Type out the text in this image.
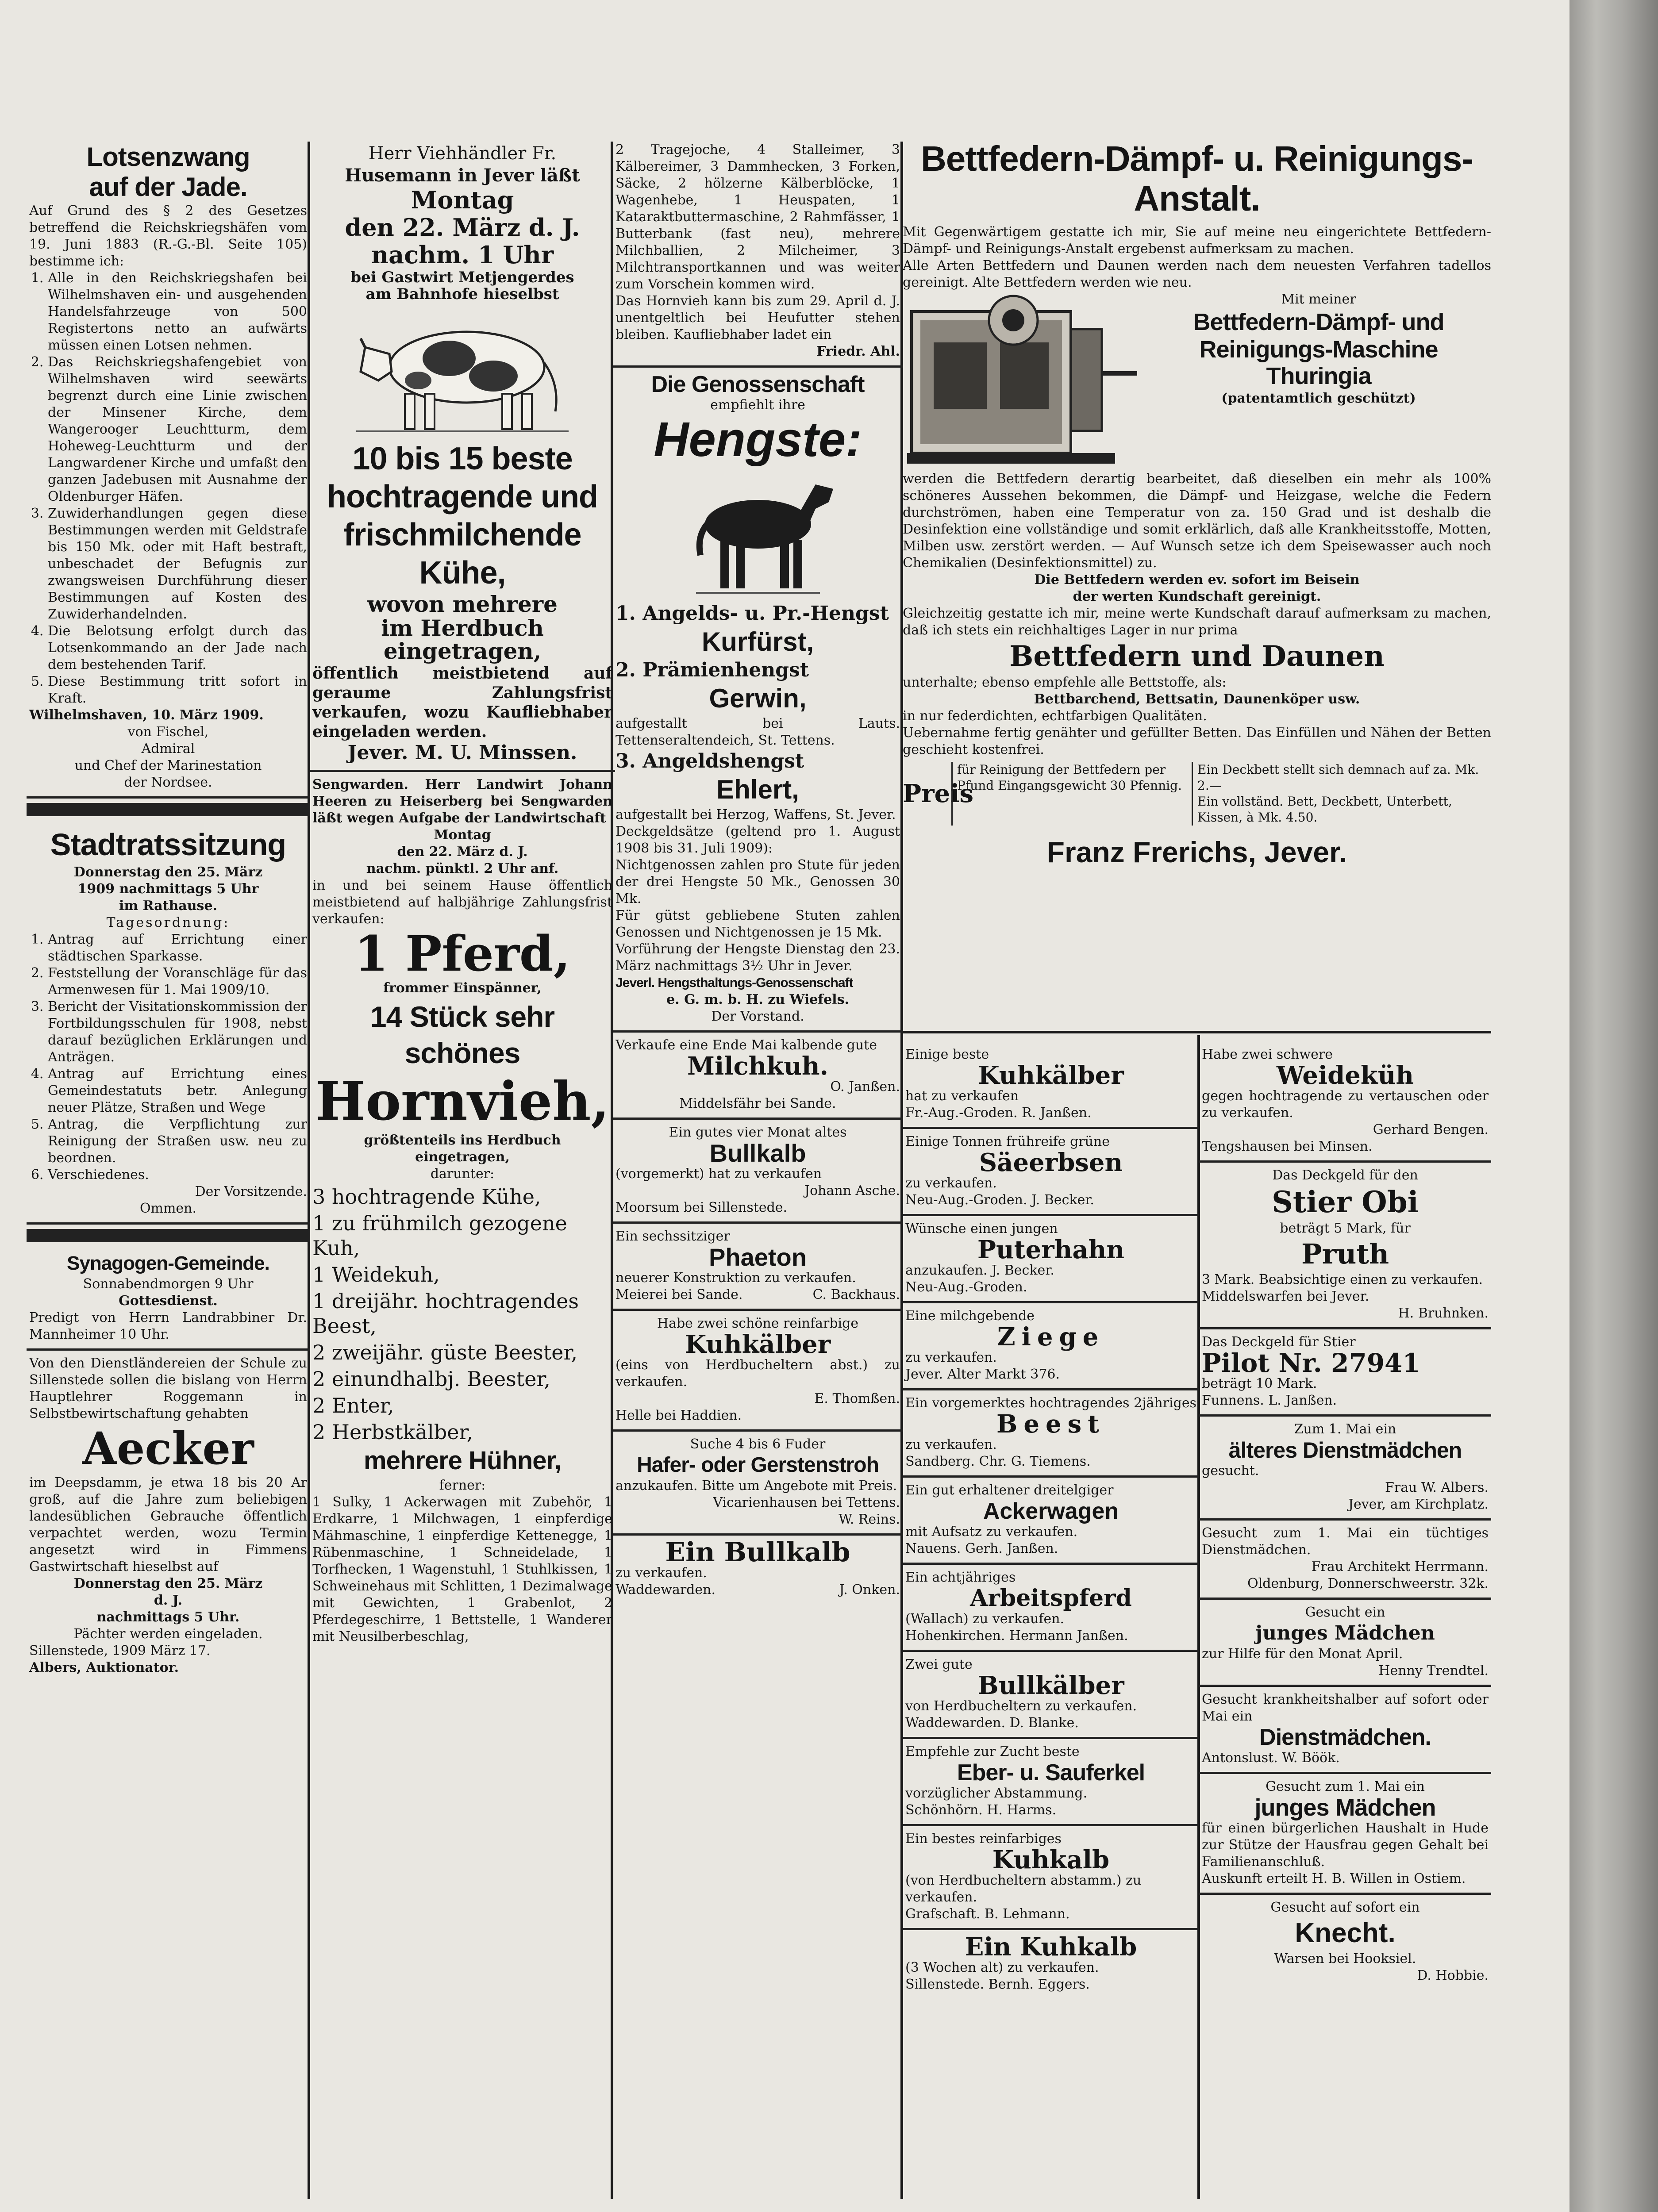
Lotsenzwang

auf der Jade.

Auf Grund des § 2 des Gesetzes betreffend die Reichskriegshäfen vom 19. Juni 1883 (R.-G.-Bl. Seite 105) bestimme ich:

1. Alle in den Reichskriegshafen bei Wilhelmshaven ein- und ausgehenden Handelsfahrzeuge von 500 Registertons netto an aufwärts müssen einen Lotsen nehmen.
2. Das Reichskriegshafengebiet von Wilhelmshaven wird seewärts begrenzt durch eine Linie zwischen der Minsener Kirche, dem Wangerooger Leuchtturm, dem Hoheweg-Leuchtturm und der Langwardener Kirche und umfaßt den ganzen Jadebusen mit Ausnahme der Oldenburger Häfen.
3. Zuwiderhandlungen gegen diese Bestimmungen werden mit Geldstrafe bis 150 Mk. oder mit Haft bestraft, unbeschadet der Befugnis zur zwangsweisen Durchführung dieser Bestimmungen auf Kosten des Zuwiderhandelnden.
4. Die Belotsung erfolgt durch das Lotsenkommando an der Jade nach dem bestehenden Tarif.
5. Diese Bestimmung tritt sofort in Kraft.

Wilhelmshaven, 10. März 1909.

von Fischel,

Admiral

und Chef der Marinestation

der Nordsee.

Stadtratssitzung

Donnerstag den 25. März

1909 nachmittags 5 Uhr

im Rathause.

Tagesordnung:

1. Antrag auf Errichtung einer städtischen Sparkasse.
2. Feststellung der Voranschläge für das Armenwesen für 1. Mai 1909/10.
3. Bericht der Visitationskommission der Fortbildungsschulen für 1908, nebst darauf bezüglichen Erklärungen und Anträgen.
4. Antrag auf Errichtung eines Gemeindestatuts betr. Anlegung neuer Plätze, Straßen und Wege
5. Antrag, die Verpflichtung zur Reinigung der Straßen usw. neu zu beordnen.
6. Verschiedenes.

Der Vorsitzende.

Ommen.

Synagogen-Gemeinde.

Sonnabendmorgen 9 Uhr

Gottesdienst.

Predigt von Herrn Landrabbiner Dr. Mannheimer 10 Uhr.

Von den Dienstländereien der Schule zu Sillenstede sollen die bislang von Herrn Hauptlehrer Roggemann in Selbstbewirtschaftung gehabten

Aecker

im Deepsdamm, je etwa 18 bis 20 Ar groß, auf die Jahre zum beliebigen landesüblichen Gebrauche öffentlich verpachtet werden, wozu Termin angesetzt wird in Fimmens Gastwirtschaft hieselbst auf

Donnerstag den 25. März

d. J.

nachmittags 5 Uhr.

Pächter werden eingeladen.

Sillenstede, 1909 März 17.

Albers, Auktionator.

Herr Viehhändler Fr.

Husemann in Jever läßt

Montag

den 22. März d. J.

nachm. 1 Uhr

bei Gastwirt Metjengerdes

am Bahnhofe hieselbst

10 bis 15 beste

hochtragende und

frischmilchende

Kühe,

wovon mehrere

im Herdbuch eingetragen,

öffentlich meistbietend auf geraume Zahlungsfrist verkaufen, wozu Kaufliebhaber eingeladen werden.

Jever. M. U. Minssen.

Sengwarden. Herr Landwirt Johann Heeren zu Heiserberg bei Sengwarden läßt wegen Aufgabe der Landwirtschaft

Montag

den 22. März d. J.

nachm. pünktl. 2 Uhr anf.

in und bei seinem Hause öffentlich meistbietend auf halbjährige Zahlungsfrist verkaufen:

1 Pferd,

frommer Einspänner,

14 Stück sehr schönes

Hornvieh,

größtenteils ins Herdbuch

eingetragen,

darunter:

3 hochtragende Kühe,

1 zu frühmilch gezogene Kuh,

1 Weidekuh,

1 dreijähr. hochtragendes Beest,

2 zweijähr. güste Beester,

2 einundhalbj. Beester,

2 Enter,

2 Herbstkälber,

mehrere Hühner,

ferner:

1 Sulky, 1 Ackerwagen mit Zubehör, 1 Erdkarre, 1 Milchwagen, 1 einpferdige Mähmaschine, 1 einpferdige Kettenegge, 1 Rübenmaschine, 1 Schneidelade, 1 Torfhecken, 1 Wagenstuhl, 1 Stuhlkissen, 1 Schweinehaus mit Schlitten, 1 Dezimalwage mit Gewichten, 1 Grabenlot, 2 Pferdegeschirre, 1 Bettstelle, 1 Wanderer mit Neusilberbeschlag,

2 Tragejoche, 4 Stalleimer, 3 Kälbereimer, 3 Dammhecken, 3 Forken, Säcke, 2 hölzerne Kälberblöcke, 1 Wagenhebe, 1 Heuspaten, 1 Kataraktbuttermaschine, 2 Rahmfässer, 1 Butterbank (fast neu), mehrere Milchballien, 2 Milcheimer, 3 Milchtransportkannen und was weiter zum Vorschein kommen wird.

Das Hornvieh kann bis zum 29. April d. J. unentgeltlich bei Heufutter stehen bleiben. Kaufliebhaber ladet ein

Friedr. Ahl.

Die Genossenschaft

empfiehlt ihre

Hengste:

1. Angelds- u. Pr.-Hengst

Kurfürst,

2. Prämienhengst

Gerwin,

aufgestallt bei Lauts. Tettenseraltendeich, St. Tettens.

3. Angeldshengst

Ehlert,

aufgestallt bei Herzog, Waffens, St. Jever.

Deckgeldsätze (geltend pro 1. August 1908 bis 31. Juli 1909):

Nichtgenossen zahlen pro Stute für jeden der drei Hengste 50 Mk., Genossen 30 Mk.

Für gütst gebliebene Stuten zahlen Genossen und Nichtgenossen je 15 Mk.

Vorführung der Hengste Dienstag den 23. März nachmittags 3½ Uhr in Jever.

Jeverl. Hengsthaltungs-Genossenschaft

e. G. m. b. H. zu Wiefels.

Der Vorstand.

Verkaufe eine Ende Mai kalbende gute

Milchkuh.

O. Janßen.

Middelsfähr bei Sande.

Ein gutes vier Monat altes

Bullkalb

(vorgemerkt) hat zu verkaufen

Johann Asche.

Moorsum bei Sillenstede.

Ein sechssitziger

Phaeton

neuerer Konstruktion zu verkaufen.

Meierei bei Sande.	C. Backhaus.

Habe zwei schöne reinfarbige

Kuhkälber

(eins von Herdbucheltern abst.) zu verkaufen.

E. Thomßen.

Helle bei Haddien.

Suche 4 bis 6 Fuder

Hafer- oder Gerstenstroh

anzukaufen. Bitte um Angebote mit Preis.

Vicarienhausen bei Tettens.

W. Reins.

Ein Bullkalb

zu verkaufen.

Waddewarden.	J. Onken.

Bettfedern-Dämpf- u. Reinigungs-Anstalt.

Mit Gegenwärtigem gestatte ich mir, Sie auf meine neu eingerichtete Bettfedern-Dämpf- und Reinigungs-Anstalt ergebenst aufmerksam zu machen.

Alle Arten Bettfedern und Daunen werden nach dem neuesten Verfahren tadellos gereinigt. Alte Bettfedern werden wie neu.

Mit meiner

Bettfedern-Dämpf- und

Reinigungs-Maschine Thuringia

(patentamtlich geschützt)

werden die Bettfedern derartig bearbeitet, daß dieselben ein mehr als 100% schöneres Aussehen bekommen, die Dämpf- und Heizgase, welche die Federn durchströmen, haben eine Temperatur von za. 150 Grad und ist deshalb die Desinfektion eine vollständige und somit erklärlich, daß alle Krankheitsstoffe, Motten, Milben usw. zerstört werden. — Auf Wunsch setze ich dem Speisewasser auch noch Chemikalien (Desinfektionsmittel) zu.

Die Bettfedern werden ev. sofort im Beisein

der werten Kundschaft gereinigt.

Gleichzeitig gestatte ich mir, meine werte Kundschaft darauf aufmerksam zu machen, daß ich stets ein reichhaltiges Lager in nur prima

Bettfedern und Daunen

unterhalte; ebenso empfehle alle Bettstoffe, als:

Bettbarchend, Bettsatin, Daunenköper usw.

in nur federdichten, echtfarbigen Qualitäten.

Uebernahme fertig genähter und gefüllter Betten. Das Einfüllen und Nähen der Betten geschieht kostenfrei.

Preis
für Reinigung der Bettfedern per Pfund Eingangsgewicht 30 Pfennig.
Ein Deckbett stellt sich demnach auf za. Mk. 2.—
Ein vollständ. Bett, Deckbett, Unterbett, Kissen, à Mk. 4.50.

Franz Frerichs, Jever.

Einige beste

Kuhkälber

hat zu verkaufen

Fr.-Aug.-Groden. R. Janßen.

Einige Tonnen frühreife grüne

Säeerbsen

zu verkaufen.

Neu-Aug.-Groden. J. Becker.

Wünsche einen jungen

Puterhahn

anzukaufen. J. Becker.

Neu-Aug.-Groden.

Eine milchgebende

Ziege

zu verkaufen.

Jever. Alter Markt 376.

Ein vorgemerktes hochtragendes 2jähriges

Beest

zu verkaufen.

Sandberg. Chr. G. Tiemens.

Ein gut erhaltener dreitelgiger

Ackerwagen

mit Aufsatz zu verkaufen.

Nauens. Gerh. Janßen.

Ein achtjähriges

Arbeitspferd

(Wallach) zu verkaufen.

Hohenkirchen. Hermann Janßen.

Zwei gute

Bullkälber

von Herdbucheltern zu verkaufen.

Waddewarden. D. Blanke.

Empfehle zur Zucht beste

Eber- u. Sauferkel

vorzüglicher Abstammung.

Schönhörn. H. Harms.

Ein bestes reinfarbiges

Kuhkalb

(von Herdbucheltern abstamm.) zu verkaufen.

Grafschaft. B. Lehmann.

Ein Kuhkalb

(3 Wochen alt) zu verkaufen.

Sillenstede. Bernh. Eggers.

Habe zwei schwere

Weideküh

gegen hochtragende zu vertauschen oder zu verkaufen.

Gerhard Bengen.

Tengshausen bei Minsen.

Das Deckgeld für den

Stier Obi

beträgt 5 Mark, für

Pruth

3 Mark. Beabsichtige einen zu verkaufen.

Middelswarfen bei Jever.

H. Bruhnken.

Das Deckgeld für Stier

Pilot Nr. 27941

beträgt 10 Mark.

Funnens. L. Janßen.

Zum 1. Mai ein

älteres Dienstmädchen

gesucht.

Frau W. Albers.

Jever, am Kirchplatz.

Gesucht zum 1. Mai ein tüchtiges Dienstmädchen.

Frau Architekt Herrmann.

Oldenburg, Donnerschweerstr. 32k.

Gesucht ein

junges Mädchen

zur Hilfe für den Monat April.

Henny Trendtel.

Gesucht krankheitshalber auf sofort oder Mai ein

Dienstmädchen.

Antonslust. W. Böök.

Gesucht zum 1. Mai ein

junges Mädchen

für einen bürgerlichen Haushalt in Hude zur Stütze der Hausfrau gegen Gehalt bei Familienanschluß.

Auskunft erteilt H. B. Willen in Ostiem.

Gesucht auf sofort ein

Knecht.

Warsen bei Hooksiel.

D. Hobbie.
